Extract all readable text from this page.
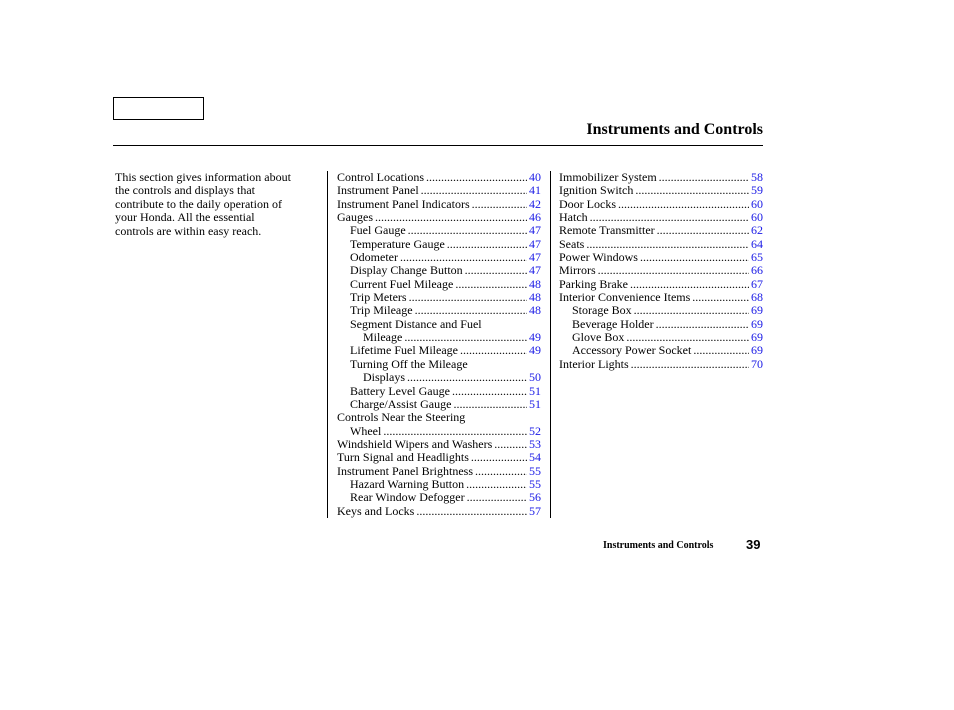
Instruments and Controls
This section gives information about
the controls and displays that
contribute to the daily operation of
your Honda. All the essential
controls are within easy reach.
Control Locations .....	40
Instrument Panel .....	41
Instrument Panel Indicators .....	42
Gauges .....	46
Fuel Gauge .....	47
Temperature Gauge .....	47
Odometer .....	47
Display Change Button .....	47
Current Fuel Mileage .....	48
Trip Meters .....	48
Trip Mileage .....	48
Segment Distance and Fuel
Mileage .....	49
Lifetime Fuel Mileage .....	49
Turning Off the Mileage
Displays .....	50
Battery Level Gauge .....	51
Charge/Assist Gauge .....	51
Controls Near the Steering
Wheel .....	52
Windshield Wipers and Washers .....	53
Turn Signal and Headlights .....	54
Instrument Panel Brightness .....	55
Hazard Warning Button .....	55
Rear Window Defogger .....	56
Keys and Locks .....	57
Immobilizer System .....	58
Ignition Switch .....	59
Door Locks .....	60
Hatch .....	60
Remote Transmitter .....	62
Seats .....	64
Power Windows .....	65
Mirrors .....	66
Parking Brake .....	67
Interior Convenience Items .....	68
Storage Box .....	69
Beverage Holder .....	69
Glove Box .....	69
Accessory Power Socket .....	69
Interior Lights .....	70
Instruments and Controls	39
